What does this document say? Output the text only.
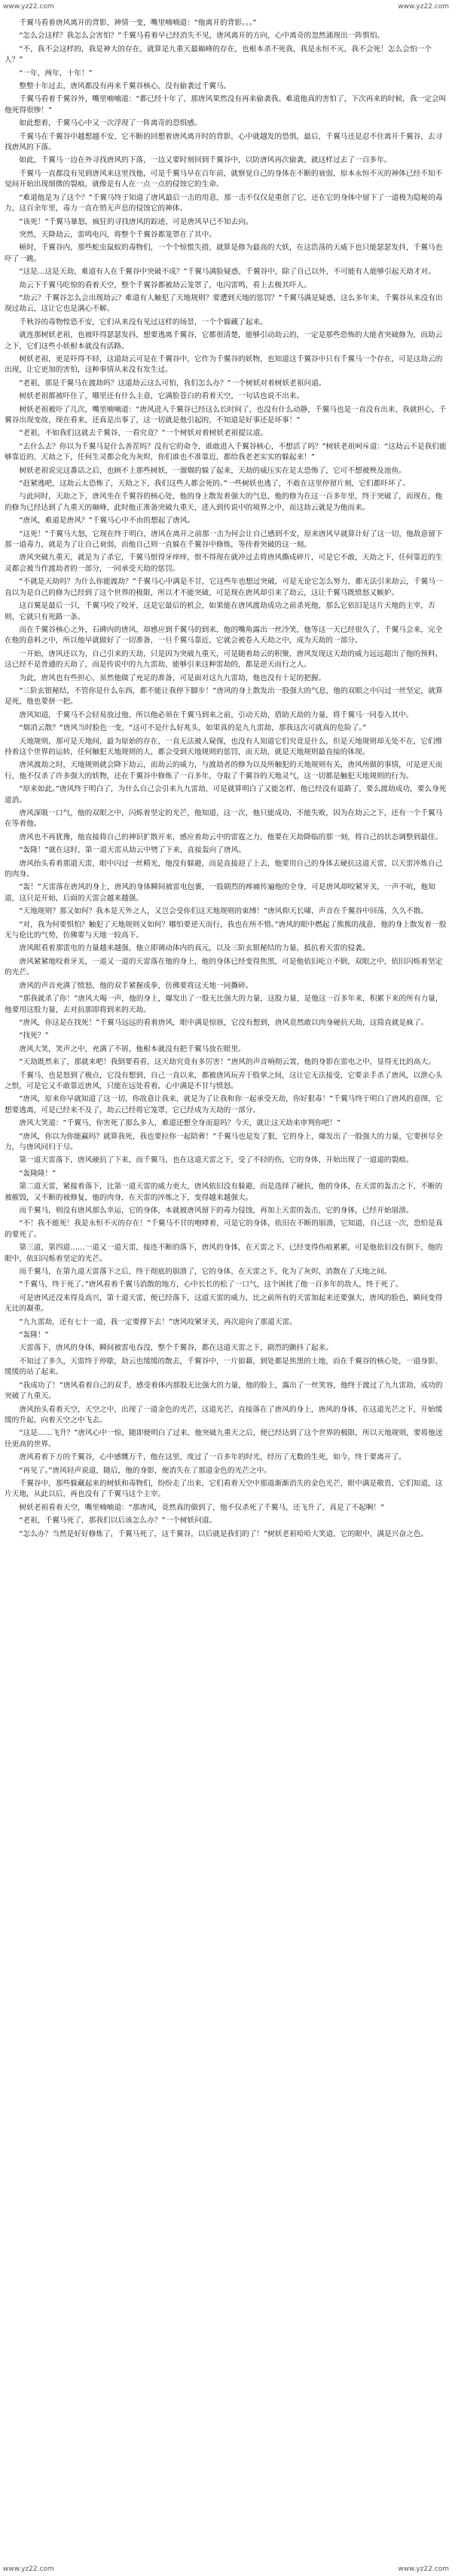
www.yz22.com	www.yz22.com

千翼马看着唐风离开的背影，神情一变，嘴里喃喃道：“他离开的背影。。。”

“怎么会这样？我怎么会害怕？”千翼马看着早已经消失不见，唐风离开的方向，心中离奇的忽然涌现出一阵惧怕。

“不，我不会这样的，我是神大的存在，就算是九重天最巅峰的存在，也根本杀不死我，我是永恒不灭，我不会死！怎么会怕一个人？”

“一年，两年，十年！”

整整十年过去，唐风都没有再来千翼谷核心，没有偷袭过千翼马。

千翼马看着千翼谷外，嘴里喃喃道：“都已经十年了，那唐风果然没有再来偷袭我。难道他真的害怕了，下次再来的时候，我一定会叫他死得很惨！”

如此想着，千翼马心中又一次浮现了一阵离奇的恐惧感。

千翼马在千翼谷中越想越不安，它不断的回想着唐风离开时的背影，心中就越发的恐惧，最后，千翼马还是忍不住离开千翼谷，去寻找唐风的下落。

如此，千翼马一边在外寻找唐风的下落，一边又要时刻回到千翼谷中，以防唐风再次偷袭，就这样过去了一百多年。

千翼马一直都没有见到唐风来这里找他，可是千翼马早在百年前，就察觉自己的身体在不断的衰弱，原本永恒不灭的神体已经不知不觉间开始出现细微的裂痕，就像是有人在一点一点的侵蚀它的生命。

“难道他是为了这个？”千翼马终于知道了唐风最后一击的用意，那一击不仅仅是重创了它，还在它的身体中留下了一道极为隐秘的毒力，这百余年里，毒力一直在悄无声息的侵蚀它的神体。

“该死！”千翼马暴怒，疯狂的寻找唐风的踪迹，可是唐风早已不知去向。

突然，天降劫云，雷鸣电闪，将整个千翼谷都笼罩在了其中。

顿时，千翼谷内，那些蛇虫鼠蚁的毒物们，一个个惊慌失措，就算是修为最高的大妖，在这浩荡的天威下也只能瑟瑟发抖，千翼马也吓了一跳。

“这是…这是天劫，难道有人在千翼谷中突破不成？”千翼马满脸疑惑，千翼谷中，除了自己以外，不可能有人能够引起天劫才对。

劫云下千翼马吃惊的看着天空，整个千翼谷都被劫云笼罩了，电闪雷鸣，看上去极其吓人。

“劫云？千翼谷怎么会出现劫云？难道有人触犯了天地规则？要遭到天地的惩罚？”千翼马满是疑惑，这么多年来，千翼谷从来没有出现过劫云，这让它也是满心不解。

千秋谷的毒物惶恐不安，它们从来没有见过这样的场景，一个个躲藏了起来。

就连那树妖老祖，也被吓得瑟瑟发抖，想要逃离千翼谷，它都很清楚，能够引动劫云的，一定是那些恐怖的大能者突破修为，而劫云之下，它们这些小妖根本就没有活路。

树妖老祖，更是吓得不轻，这道劫云可是在千翼谷中，它作为千翼谷的妖物，也知道这千翼谷中只有千翼马一个存在，可是这劫云的出现，让它更加的害怕，这种事情从来没有发生过。

“老祖，那是千翼马在渡劫吗？这道劫云这么可怕，我们怎么办？”一个树妖对着树妖老祖问道。

树妖老祖都被吓住了，哪里还有什么主意，它满脸苍白的看着天空，一句话也说不出来。

树妖老祖被吓了几次，嘴里喃喃道：“唐风进入千翼谷已经这么长时间了，也没有什么动静，千翼马也是一直没有出来，我就担心，千翼谷出现变故，现在看来，还真是出事了，这一切就是他引起的，不知道是好事还是坏事！”

“老祖，不如我们这就去千翼谷，一看究竟？”一个树妖对着树妖老祖提议道。

“去什么去？你以为千翼马是什么善茬吗？没有它的命令，谁敢进入千翼谷核心，不想活了吗？”树妖老祖呵斥道：“这劫云不是我们能够靠近的，天劫之下，任何生灵都会化为灰烬，你们谁也不准靠近，都给我老老实实的躲起来！”

树妖老祖说完这番话之后，也顾不上那些树妖，一溜烟的躲了起来，天劫的威压实在是太恐怖了，它可不想被殃及池鱼。

“赶紧逃吧，这劫云太恐怖了，天劫之下，我们这些人都会死的。”一些树妖也逃了，不敢在这里停留片刻，它们都吓坏了。

与此同时，天劫之下，唐风坐在千翼谷的核心处，他的身上散发着强大的气息，他的修为在这一百多年里，终于突破了，而现在，他的修为已经达到了九重天的巅峰，此时他正准备突破九重天，进入到传说中的境界之中，而这劫云就是为他而来。

“唐风，难道是唐风？”千翼马心中不由的想起了唐风。

“这死！”千翼马大怒，它现在终于明白，唐风在离开之前那一击为何会让自己感到不安，原来唐风早就算计好了这一切，他故意留下那一道毒力，就是为了让自己衰弱，而他自己则一直躲在千翼谷中修炼，等待着突破的这一刻。

唐风突破九重天，就是为了杀它，千翼马恨得牙痒痒，恨不得现在就冲过去将唐风撕成碎片，可是它不敢，天劫之下，任何靠近的生灵都会被当作渡劫者的一部分，一同承受天劫的惩罚。

“不就是天劫吗？为什么你能渡劫？”千翼马心中满是不甘，它这些年也想过突破，可是无论它怎么努力，都无法引来劫云，千翼马一直以为是自己的修为已经到了这个世界的极限，所以才不能突破，可是现在唐风却引来了劫云，这让千翼马既愤怒又嫉妒。

这百翼是最后一只，千翼马咬了咬牙，这是它最后的机会，如果能在唐风渡劫成功之前杀死他，那么它依旧是这片天地的主宰，否则，它就只有死路一条。

而在千翼谷核心之外，石碑内的唐风，却感应到千翼马的到来，他的嘴角露出一丝冷笑，他等这一天已经很久了，千翼马会来，完全在他的意料之中，所以他早就做好了一切准备，一旦千翼马靠近，它就会被卷入天劫之中，成为天劫的一部分。

一开始，唐风还以为，自己引来的天劫，只是因为突破九重天，可是随着劫云的积聚，唐风发现这天劫的威力远远超出了他的预料，这已经不是普通的天劫了，而是传说中的九九雷劫，能够引来这种雷劫的，都是逆天而行之人。

为此，唐风也有些担心，虽然他做了充足的准备，可是面对这九九雷劫，他也没有十足的把握。

“三阶玄银秘结，不管你是什么东西，都不能让我停下脚步！”唐风的身上散发出一股强大的气息，他的双眼之中闪过一丝坚定，就算是死，他也要拼一把。

唐风知道，千翼马不会轻易放过他，所以他必须在千翼马到来之前，引动天劫，借助天劫的力量，将千翼马一同卷入其中。

“烟消云散？”唐风当时脸色一变，“这可不是什么好兆头，如果真的是九九雷劫，那我这次可就真的危险了。”

天地规则，那可是天地间，最为原始的存在，一直无法被人窥探，也没有人知道它们究竟是什么，但是天地规则却无处不在，它们维持着这个世界的运转，任何触犯天地规则的人，都会受到天地规则的惩罚，而天劫，就是天地规则最直接的体现。

唐风渡劫之时，天地规则就会降下劫云，而劫云的威力，与渡劫者的修为以及所触犯的天地规则有关，唐风所做的事情，可是逆天而行，他不仅杀了许多强大的妖物，还在千翼谷中修炼了一百多年，夺取了千翼谷的天地灵气，这一切都是触犯天地规则的行为。

“原来如此。”唐风终于明白了，为什么自己会引来九九雷劫，可是就算明白了又能怎样，他已经没有退路了，要么渡劫成功，要么身死道消。

唐风深吸一口气，他的双眼之中，闪烁着坚定的光芒，他知道，这一次，他只能成功，不能失败，因为在劫云之下，还有一个千翼马在等着他。

唐风也不再犹豫，他直接将自己的神识扩散开来，感应着劫云中的雷霆之力，他要在天劫降临的那一刻，将自己的状态调整到最佳。

“轰隆！”就在这时，第一道天雷从劫云中劈了下来，直接轰向了唐风。

唐风抬头看着那道天雷，眼中闪过一丝精光，他没有躲避，而是直接迎了上去，他要用自己的身体去硬抗这道天雷，以天雷淬炼自己的肉身。

“轰！”天雷落在唐风的身上，唐风的身体瞬间被雷电包裹，一股剧烈的疼痛传遍他的全身，可是唐风却咬紧牙关，一声不吭，他知道，这只是开始，后面的天雷会越来越强。

“天地规则？那又如何？我本是天外之人，又岂会受你们这天地规则的束缚！”唐风仰天长啸，声音在千翼谷中回荡，久久不散。

“对，我为何要惧怕？触犯了天地规则又如何？哪怕要逆天而行，我也在所不惜。”唐风的眼中燃起了熊熊的战意，他的身上散发着一股无与伦比的气势，仿佛要与天地一较高下。

唐风眼看着那雷电的力量越来越强，他立即调动体内的真元，以及三阶玄银秘结的力量，抵抗着天雷的侵袭。

唐风紧紧地咬着牙关，一道又一道的天雷落在他的身上，他的身体已经变得焦黑，可是他依旧屹立不倒，双眼之中，依旧闪烁着坚定的光芒。

唐风的声音充满了愤怒，他的双手紧握成拳，仿佛要将这天地一同撕碎。

“那我就杀了你！”唐风大喝一声，他的身上，爆发出了一股无比强大的力量，这股力量，是他这一百多年来，积累下来的所有力量，他要用这股力量，去对抗那即将到来的天劫。

“唐风，你这是在找死！”千翼马远远的看着唐风，眼中满是惊骇，它没有想到，唐风竟然敢以肉身硬抗天劫，这简直就是疯了。

“找死？”

唐风大笑，笑声之中，充满了不屑，他根本就没有把千翼马放在眼里。

“天劫既然来了，那就来吧！我倒要看看，这天劫究竟有多厉害！”唐风的声音响彻云霄，他的身影在雷电之中，显得无比的高大。

千翼马，也是怒到了极点，它没有想到，自己一直以来，都被唐风玩弄于股掌之间，这让它无法接受，它要亲手杀了唐风，以泄心头之恨，可是它又不敢靠近唐风，只能在远处看着，心中满是不甘与愤怒。

“唐风，原来你早就知道了这一切，你故意让我来，就是为了让我和你一起承受天劫，你好狠毒！”千翼马终于明白了唐风的意图，它想要逃离，可是已经来不及了，劫云已经将它笼罩，它已经成为天劫的一部分。

唐风大笑道：“千翼马，你害死了那么多人，难道还想全身而退吗？今天，就让这天劫来审判你吧！”

“唐风，你以为你能赢吗？就算我死，我也要拉你一起陪葬！”千翼马也是发了狠，它的身上，爆发出了一股强大的力量，它要拼尽全力，与唐风同归于尽。

第一道天雷落下，唐风硬抗了下来，而千翼马，也在这道天雷之下，受了不轻的伤，它的身体，开始出现了一道道的裂痕。

“轰隆隆！”

第二道天雷，紧接着落下，比第一道天雷的威力更大，唐风依旧没有躲避，而是选择了硬抗，他的身体，在天雷的轰击之下，不断的被摧毁，又不断的被修复，他的肉身，在天雷的淬炼之下，变得越来越强大。

而千翼马，则没有唐风那么幸运，它的身体，本就被唐风留下的毒力侵蚀，再加上天雷的轰击，它的身体，已经开始崩溃。

“不！我不能死！我是永恒不灭的存在！”千翼马不甘的咆哮着，可是它的身体，依旧在不断的崩溃，它知道，自己这一次，恐怕是真的要死了。

第三道，第四道……一道又一道天雷，接连不断的落下，唐风的身体，在天雷之下，已经变得伤痕累累，可是他依旧没有倒下，他的眼中，依旧闪烁着坚定的光芒。

而千翼马，在第九道天雷落下之后，终于彻底的崩溃了，它的身体，在天雷之下，化为了灰烬，消散在了天地之间。

“千翼马，终于死了。”唐风看着千翼马消散的地方，心中长长的松了一口气，这个困扰了他一百多年的敌人，终于死了。

可是唐风还没来得及高兴，第十道天雷，便已经落下，这道天雷的威力，比之前所有的天雷加起来还要强大，唐风的脸色，瞬间变得无比的凝重。

“九九雷劫，还有七十一道，我一定要撑下去！”唐风咬紧牙关，再次迎向了那道天雷。

“轰隆！”

天雷落下，唐风的身体，瞬间被雷电吞没，整个千翼谷，都在这道天雷之下，剧烈的颤抖了起来。

不知过了多久，天雷终于停歇，劫云也缓缓的散去，千翼谷中，一片狼藉，到处都是焦黑的土地，而在千翼谷的核心处，一道身影，缓缓的站了起来。

“我成功了！”唐风看着自己的双手，感受着体内那股无比强大的力量，他的脸上，露出了一丝笑容，他终于渡过了九九雷劫，成功的突破了九重天。

唐风抬头看着天空，天空之中，出现了一道金色的光芒，这道光芒，直接落在了唐风的身上，唐风的身体，在这道光芒之下，开始缓缓的升起，向着天空之中飞去。

“这是……飞升？”唐风心中一惊，随即便明白了过来，他突破九重天之后，便已经达到了这个世界的极限，所以天地规则，要将他送往更高的世界。

唐风看着下方的千翼谷，心中感慨万千，他在这里，度过了一百多年的时光，经历了无数的生死，如今，终于要离开了。

“再见了。”唐风轻声说道，随后，他的身影，便消失在了那道金色的光芒之中。

千翼谷中，那些躲藏起来的树妖和毒物们，纷纷走了出来，它们看着天空中那道渐渐消失的金色光芒，眼中满是敬畏，它们知道，这片天地，从此以后，再也没有了千翼马这个主宰。

树妖老祖看着天空，嘴里喃喃道：“那唐风，竟然真的做到了，他不仅杀死了千翼马，还飞升了，真是了不起啊！”

“老祖，千翼马死了，那我们以后该怎么办？”一个树妖问道。

“怎么办？当然是好好修炼了，千翼马死了，这千翼谷，以后就是我们的了！”树妖老祖哈哈大笑道，它的眼中，满是兴奋之色。

www.yz22.com	www.yz22.com
